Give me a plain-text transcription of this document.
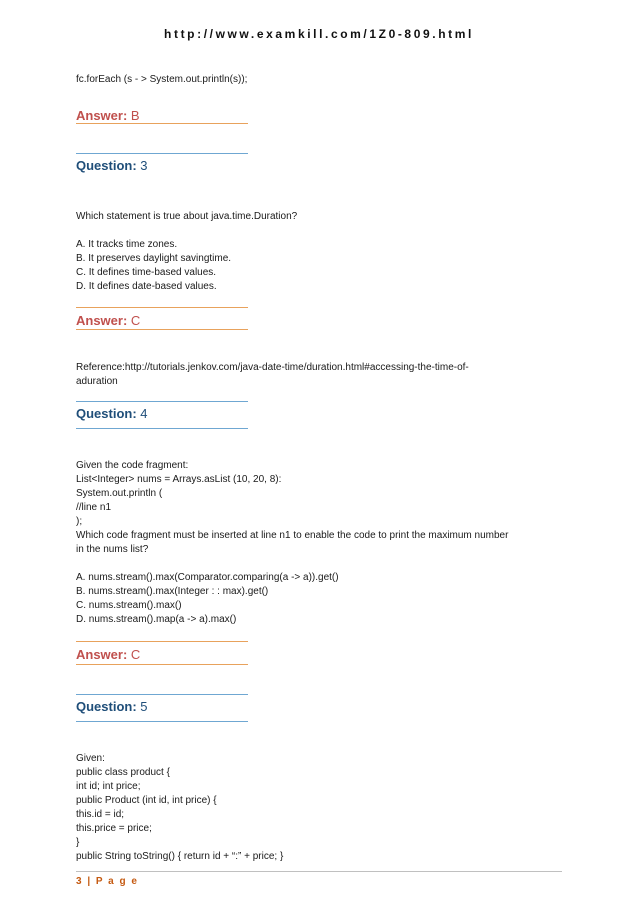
http://www.examkill.com/1Z0-809.html
fc.forEach (s - > System.out.println(s));
Answer: B
Question: 3
Which statement is true about java.time.Duration?
A. It tracks time zones.
B. It preserves daylight savingtime.
C. It defines time-based values.
D. It defines date-based values.
Answer: C
Reference:http://tutorials.jenkov.com/java-date-time/duration.html#accessing-the-time-of-
aduration
Question: 4
Given the code fragment:
List<Integer> nums = Arrays.asList (10, 20, 8):
System.out.println (
//line n1
);
Which code fragment must be inserted at line n1 to enable the code to print the maximum number
in the nums list?
A. nums.stream().max(Comparator.comparing(a -> a)).get()
B. nums.stream().max(Integer : : max).get()
C. nums.stream().max()
D. nums.stream().map(a -> a).max()
Answer: C
Question: 5
Given:
public class product {
int id; int price;
public Product (int id, int price) {
this.id = id;
this.price = price;
}
public String toString() { return id + “:” + price; }
3 | P a g e
